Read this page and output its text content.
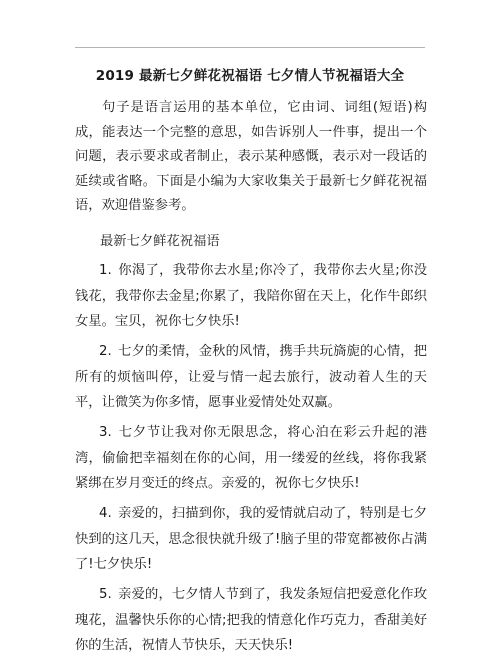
2019 最新七夕鲜花祝福语 七夕情人节祝福语大全

句子是语言运用的基本单位，它由词、词组(短语)构成，能表达一个完整的意思，如告诉别人一件事，提出一个问题，表示要求或者制止，表示某种感慨，表示对一段话的延续或省略。下面是小编为大家收集关于最新七夕鲜花祝福语，欢迎借鉴参考。

最新七夕鲜花祝福语
1. 你渴了，我带你去水星;你冷了，我带你去火星;你没钱花，我带你去金星;你累了，我陪你留在天上，化作牛郎织女星。宝贝，祝你七夕快乐!
2. 七夕的柔情，金秋的风情，携手共玩旖旎的心情，把所有的烦恼叫停，让爱与情一起去旅行，波动着人生的天平，让微笑为你多情，愿事业爱情处处双赢。
3. 七夕节让我对你无限思念，将心泊在彩云升起的港湾，偷偷把幸福刻在你的心间，用一缕爱的丝线，将你我紧紧绑在岁月变迁的终点。亲爱的，祝你七夕快乐!
4. 亲爱的，扫描到你，我的爱情就启动了，特别是七夕快到的这几天，思念很快就升级了!脑子里的带宽都被你占满了!七夕快乐!
5. 亲爱的，七夕情人节到了，我发条短信把爱意化作玫瑰花，温馨快乐你的心情;把我的情意化作巧克力，香甜美好你的生活，祝情人节快乐，天天快乐!
